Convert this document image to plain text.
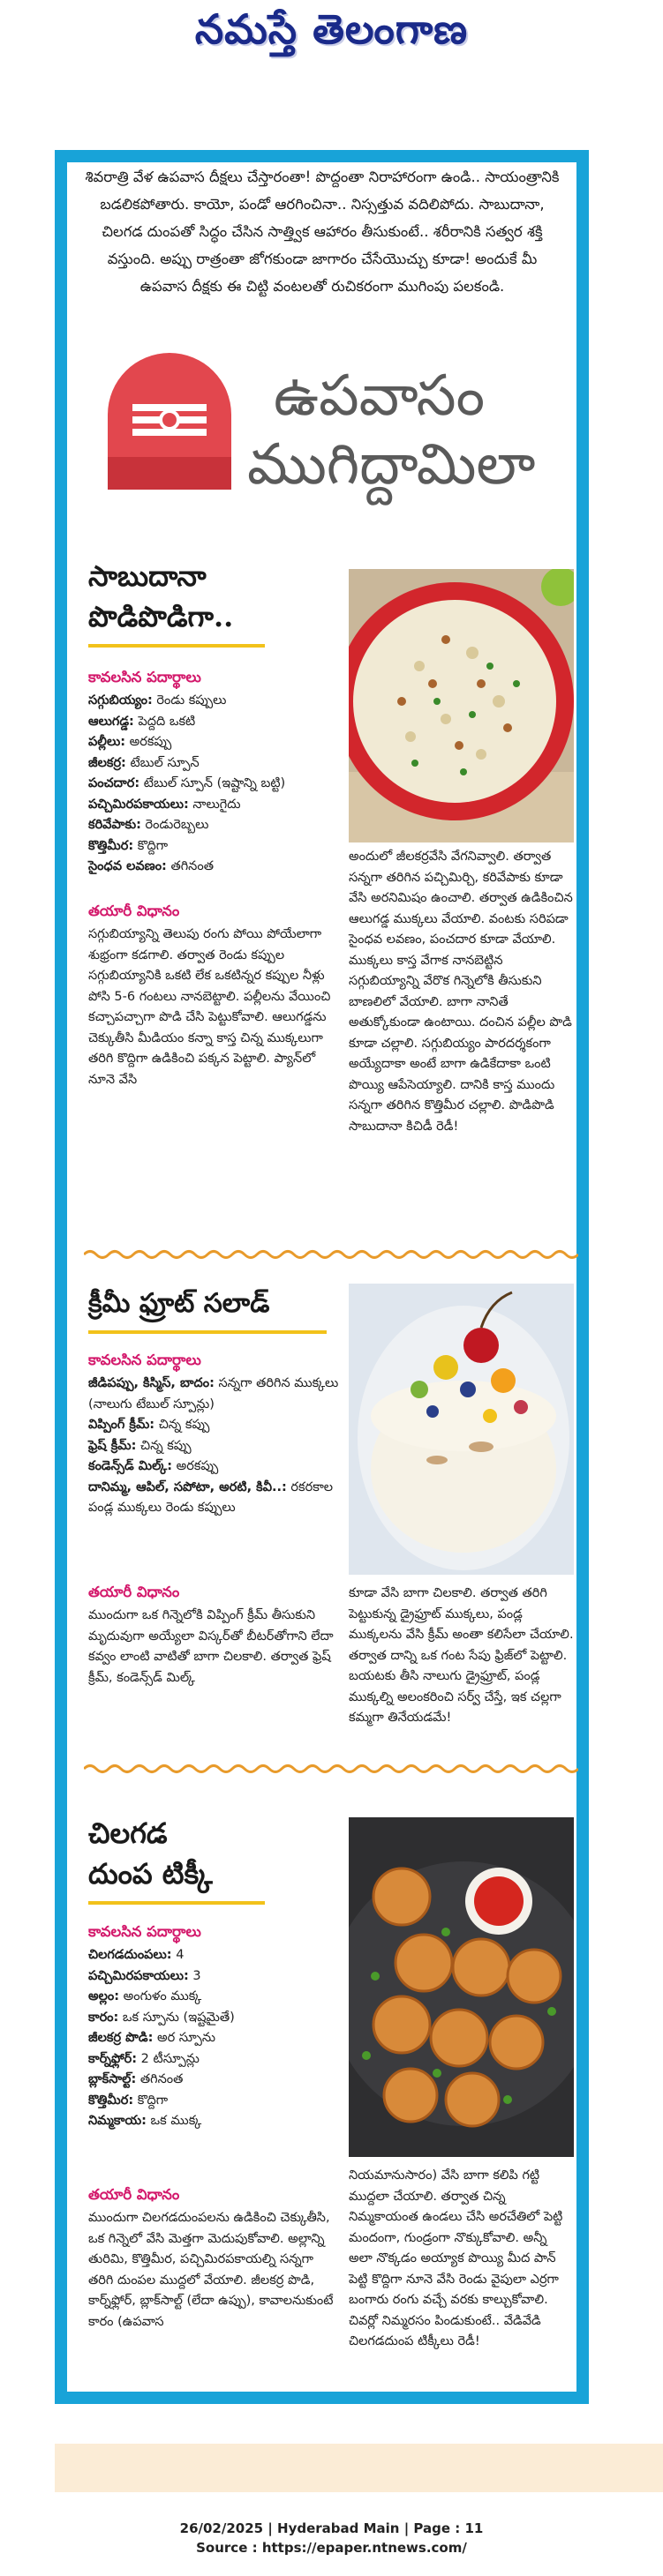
నమస్తే తెలంగాణ
శివరాత్రి వేళ ఉపవాస దీక్షలు చేస్తారంతా! పొద్దంతా నిరాహారంగా ఉండి.. సాయంత్రానికి బడలికపోతారు. కాయో, పండో ఆరగించినా.. నిస్సత్తువ వదిలిపోదు. సాబుదానా, చిలగడ దుంపతో సిద్ధం చేసిన సాత్త్విక ఆహారం తీసుకుంటే.. శరీరానికి సత్వర శక్తి వస్తుంది. అప్పు రాత్రంతా జోగకుండా జాగారం చేసేయొచ్చు కూడా! అందుకే మీ ఉపవాస దీక్షకు ఈ చిట్టి వంటలతో రుచికరంగా ముగింపు పలకండి.
ఉపవాసం
ముగిద్దామిలా
సాబుదానా
పొడిపొడిగా..
కావలసిన పదార్థాలు
సగ్గుబియ్యం: రెండు కప్పులు
ఆలుగడ్డ: పెద్దది ఒకటి
పల్లీలు: అరకప్పు
జీలకర్ర: టేబుల్‌ స్పూన్‌
పంచదార: టేబుల్‌ స్పూన్‌ (ఇష్టాన్ని బట్టి)
పచ్చిమిరపకాయలు: నాలుగైదు
కరివేపాకు: రెండురెబ్బలు
కొత్తిమీర: కొద్దిగా
సైంధవ లవణం: తగినంత
తయారీ విధానం
సగ్గుబియ్యాన్ని తెలుపు రంగు పోయి పోయేలాగా శుభ్రంగా కడగాలి. తర్వాత రెండు కప్పుల సగ్గుబియ్యానికి ఒకటి లేక ఒకటిన్నర కప్పుల నీళ్లు పోసి 5-6 గంటలు నానబెట్టాలి. పల్లీలను వేయించి కచ్చాపచ్చాగా పొడి చేసి పెట్టుకోవాలి. ఆలుగడ్డను చెక్కుతీసి మీడియం కన్నా కాస్త చిన్న ముక్కలుగా తరిగి కొద్దిగా ఉడికించి పక్కన పెట్టాలి. ప్యాన్‌లో నూనె వేసి
అందులో జీలకర్రవేసి వేగనివ్వాలి. తర్వాత సన్నగా తరిగిన పచ్చిమిర్చి, కరివేపాకు కూడా వేసి అరనిమిషం ఉంచాలి. తర్వాత ఉడికించిన ఆలుగడ్డ ముక్కలు వేయాలి. వంటకు సరిపడా సైంధవ లవణం, పంచదార కూడా వేయాలి. ముక్కలు కాస్త వేగాక నానబెట్టిన సగ్గుబియ్యాన్ని వేరొక గిన్నెలోకి తీసుకుని బాణలిలో వేయాలి. బాగా నానితే అతుక్కోకుండా ఉంటాయి. దంచిన పల్లీల పొడి కూడా చల్లాలి. సగ్గుబియ్యం పారదర్శకంగా అయ్యేదాకా అంటే బాగా ఉడికేదాకా ఒంటి పొయ్యి ఆపేసెయ్యాలి. దానికి కాస్త ముందు సన్నగా తరిగిన కొత్తిమీర చల్లాలి. పొడిపొడి సాబుదానా కిచిడీ రెడీ!
క్రీమీ ఫ్రూట్‌ సలాడ్‌
కావలసిన పదార్థాలు
జీడిపప్పు, కిస్మిస్‌, బాదం: సన్నగా తరిగిన ముక్కలు (నాలుగు టేబుల్‌ స్పూన్లు)
విప్పింగ్‌ క్రీమ్‌: చిన్న కప్పు
ఫ్రెష్‌ క్రీమ్‌: చిన్న కప్పు
కండెన్స్‌డ్‌ మిల్క్‌: అరకప్పు
దానిమ్మ, ఆపిల్‌, సపోటా, అరటి, కివీ..: రకరకాల పండ్ల ముక్కలు రెండు కప్పులు
తయారీ విధానం
ముందుగా ఒక గిన్నెలోకి విప్పింగ్‌ క్రీమ్‌ తీసుకుని మృదువుగా అయ్యేలా విస్కర్‌తో బీటర్‌తోగాని లేదా కవ్వం లాంటి వాటితో బాగా చిలకాలి. తర్వాత ఫ్రెష్‌ క్రీమ్‌, కండెన్స్‌డ్‌ మిల్క్‌
కూడా వేసి బాగా చిలకాలి. తర్వాత తరిగి పెట్టుకున్న డ్రైఫ్రూట్‌ ముక్కలు, పండ్ల ముక్కలను వేసి క్రీమ్‌ అంతా కలిసేలా చేయాలి. తర్వాత దాన్ని ఒక గంట సేపు ఫ్రిజ్‌లో పెట్టాలి. బయటకు తీసి నాలుగు డ్రైఫ్రూట్‌, పండ్ల ముక్కల్ని అలంకరించి సర్వ్‌ చేస్తే, ఇక చల్లగా కమ్మగా తినేయడమే!
చిలగడ
దుంప టిక్కీ
కావలసిన పదార్థాలు
చిలగడదుంపలు: 4
పచ్చిమిరపకాయలు: 3
అల్లం: అంగుళం ముక్క
కారం: ఒక స్పూను (ఇష్టమైతే)
జీలకర్ర పొడి: అర స్పూను
కార్న్‌ఫ్లోర్‌: 2 టీస్పూన్లు
బ్లాక్‌సాల్ట్‌: తగినంత
కొత్తిమీర: కొద్దిగా
నిమ్మకాయ: ఒక ముక్క
తయారీ విధానం
ముందుగా చిలగడదుంపలను ఉడికించి చెక్కుతీసి, ఒక గిన్నెలో వేసి మెత్తగా మెదుపుకోవాలి. అల్లాన్ని తురిమి, కొత్తిమీర, పచ్చిమిరపకాయల్ని సన్నగా తరిగి దుంపల ముద్దలో వేయాలి. జీలకర్ర పొడి, కార్న్‌ఫ్లోర్‌, బ్లాక్‌సాల్ట్‌ (లేదా ఉప్పు), కావాలనుకుంటే కారం (ఉపవాస
నియమానుసారం) వేసి బాగా కలిపి గట్టి ముద్దలా చేయాలి. తర్వాత చిన్న నిమ్మకాయంత ఉండలు చేసి అరచేతిలో పెట్టి మందంగా, గుండ్రంగా నొక్కుకోవాలి. అన్నీ అలా నొక్కడం అయ్యాక పొయ్యి మీద పాన్‌ పెట్టి కొద్దిగా నూనె వేసి రెండు వైపులా ఎర్రగా బంగారు రంగు వచ్చే వరకు కాల్చుకోవాలి. చివర్లో నిమ్మరసం పిండుకుంటే.. వేడివేడి చిలగడదుంప టిక్కీలు రెడీ!
26/02/2025 | Hyderabad Main | Page : 11
Source : https://epaper.ntnews.com/
